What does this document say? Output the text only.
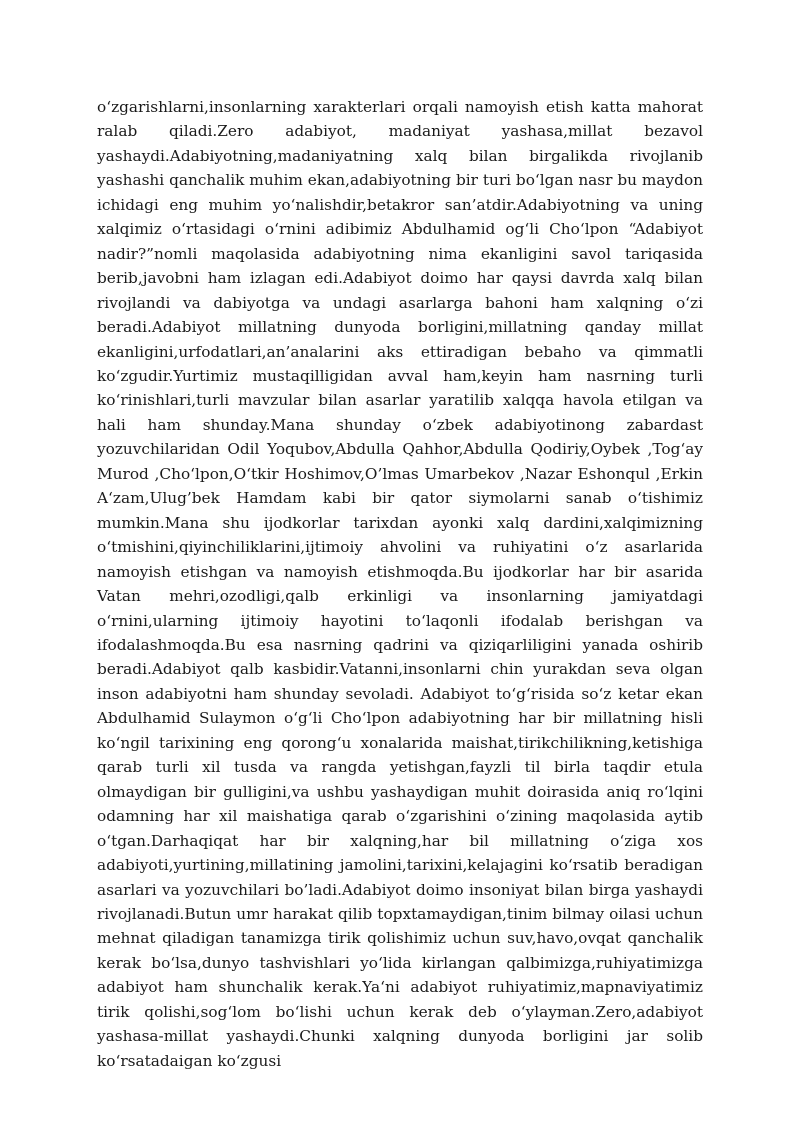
o‘zgarishlarni,insonlarning xarakterlari orqali namoyish etish katta mahorat ralab qiladi.Zero adabiyot, madaniyat yashasa,millat bezavol yashaydi.Adabiyotning,madaniyatning xalq bilan birgalikda rivojlanib yashashi qanchalik muhim ekan,adabiyotning bir turi bo‘lgan nasr bu maydon ichidagi eng muhim yo‘nalishdir,betakror san’atdir.Adabiyotning va uning xalqimiz o‘rtasidagi o‘rnini adibimiz Abdulhamid og‘li Cho‘lpon “Adabiyot nadir?”nomli maqolasida adabiyotning nima ekanligini savol tariqasida berib,javobni ham izlagan edi.Adabiyot doimo har qaysi davrda xalq bilan rivojlandi va dabiyotga va undagi asarlarga bahoni ham xalqning o‘zi beradi.Adabiyot millatning dunyoda borligini,millatning qanday millat ekanligini,urfodatlari,an’analarini aks ettiradigan bebaho va qimmatli ko‘zgudir.Yurtimiz mustaqilligidan avval ham,keyin ham nasrning turli ko‘rinishlari,turli mavzular bilan asarlar yaratilib xalqqa havola etilgan va hali ham shunday.Mana shunday o‘zbek adabiyotinong zabardast yozuvchilaridan Odil Yoqubov,Abdulla Qahhor,Abdulla Qodiriy,Oybek ,Tog‘ay Murod ,Cho‘lpon,O‘tkir Hoshimov,O’lmas Umarbekov ,Nazar Eshonqul ,Erkin A‘zam,Ulug’bek Hamdam kabi bir qator siymolarni sanab o‘tishimiz mumkin.Mana shu ijodkorlar tarixdan ayonki xalq dardini,xalqimizning o‘tmishini,qiyinchiliklarini,ijtimoiy ahvolini va ruhiyatini o‘z asarlarida namoyish etishgan va namoyish etishmoqda.Bu ijodkorlar har bir asarida Vatan mehri,ozodligi,qalb erkinligi va insonlarning jamiyatdagi o‘rnini,ularning ijtimoiy hayotini to‘laqonli ifodalab berishgan va ifodalashmoqda.Bu esa nasrning qadrini va qiziqarliligini yanada oshirib beradi.Adabiyot qalb kasbidir.Vatanni,insonlarni chin yurakdan seva olgan inson adabiyotni ham shunday sevoladi. Adabiyot to‘g‘risida so‘z ketar ekan Abdulhamid Sulaymon o‘g‘li Cho‘lpon adabiyotning har bir millatning hisli ko‘ngil tarixining eng qorong‘u xonalarida maishat,tirikchilikning,ketishiga qarab turli xil tusda va rangda yetishgan,fayzli til birla taqdir etula olmaydigan bir gulligini,va ushbu yashaydigan muhit doirasida aniq ro‘lqini odamning har xil maishatiga qarab o‘zgarishini o‘zining maqolasida aytib o‘tgan.Darhaqiqat har bir xalqning,har bil millatning o‘ziga xos adabiyoti,yurtining,millatining jamolini,tarixini,kelajagini ko‘rsatib beradigan asarlari va yozuvchilari bo’ladi.Adabiyot doimo insoniyat bilan birga yashaydi rivojlanadi.Butun umr harakat qilib topxtamaydigan,tinim bilmay oilasi uchun mehnat qiladigan tanamizga tirik qolishimiz uchun suv,havo,ovqat qanchalik kerak bo‘lsa,dunyo tashvishlari yo‘lida kirlangan qalbimizga,ruhiyatimizga adabiyot ham shunchalik kerak.Ya‘ni adabiyot ruhiyatimiz,mapnaviyatimiz tirik qolishi,sog‘lom bo‘lishi uchun kerak deb o‘ylayman.Zero,adabiyot yashasa-millat yashaydi.Chunki xalqning dunyoda borligini jar solib ko‘rsatadaigan ko‘zgusi
